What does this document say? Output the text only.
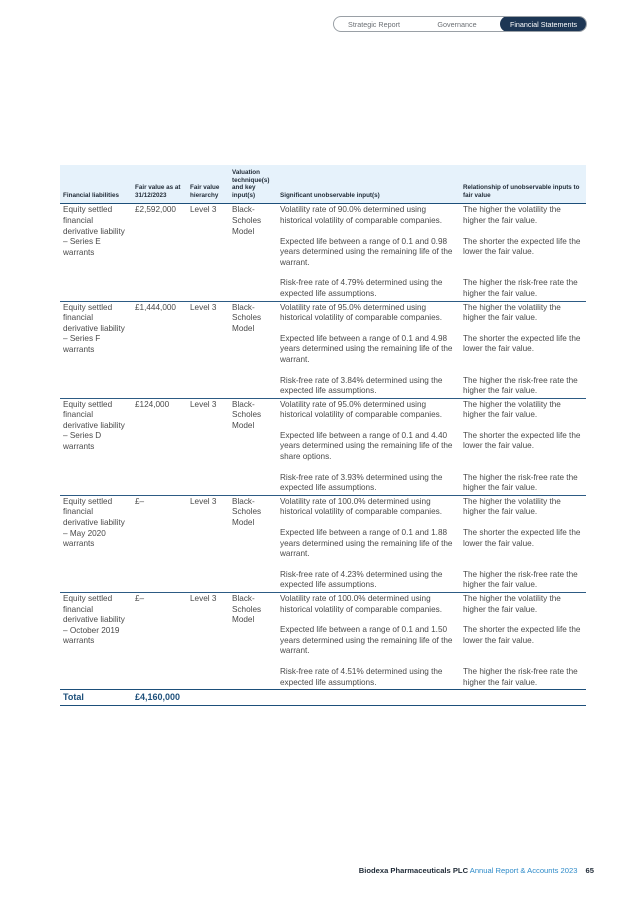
Strategic Report	Governance	Financial Statements
Financial liabilities	Fair value as at 31/12/2023	Fair value hierarchy	Valuation technique(s) and key input(s)	Significant unobservable input(s)	Relationship of unobservable inputs to fair value
Equity settled financial derivative liability – Series E warrants	£2,592,000	Level 3	Black-Scholes Model	Volatility rate of 90.0% determined using historical volatility of comparable companies.	The higher the volatility the higher the fair value.
				Expected life between a range of 0.1 and 0.98 years determined using the remaining life of the warrant.	The shorter the expected life the lower the fair value.
				Risk-free rate of 4.79% determined using the expected life assumptions.	The higher the risk-free rate the higher the fair value.
Equity settled financial derivative liability – Series F warrants	£1,444,000	Level 3	Black-Scholes Model	Volatility rate of 95.0% determined using historical volatility of comparable companies.	The higher the volatility the higher the fair value.
				Expected life between a range of 0.1 and 4.98 years determined using the remaining life of the warrant.	The shorter the expected life the lower the fair value.
				Risk-free rate of 3.84% determined using the expected life assumptions.	The higher the risk-free rate the higher the fair value.
Equity settled financial derivative liability – Series D warrants	£124,000	Level 3	Black-Scholes Model	Volatility rate of 95.0% determined using historical volatility of comparable companies.	The higher the volatility the higher the fair value.
				Expected life between a range of 0.1 and 4.40 years determined using the remaining life of the share options.	The shorter the expected life the lower the fair value.
				Risk-free rate of 3.93% determined using the expected life assumptions.	The higher the risk-free rate the higher the fair value.
Equity settled financial derivative liability – May 2020 warrants	£–	Level 3	Black-Scholes Model	Volatility rate of 100.0% determined using historical volatility of comparable companies.	The higher the volatility the higher the fair value.
				Expected life between a range of 0.1 and 1.88 years determined using the remaining life of the warrant.	The shorter the expected life the lower the fair value.
				Risk-free rate of 4.23% determined using the expected life assumptions.	The higher the risk-free rate the higher the fair value.
Equity settled financial derivative liability – October 2019 warrants	£–	Level 3	Black-Scholes Model	Volatility rate of 100.0% determined using historical volatility of comparable companies.	The higher the volatility the higher the fair value.
				Expected life between a range of 0.1 and 1.50 years determined using the remaining life of the warrant.	The shorter the expected life the lower the fair value.
				Risk-free rate of 4.51% determined using the expected life assumptions.	The higher the risk-free rate the higher the fair value.
Total	£4,160,000				
Biodexa Pharmaceuticals PLC Annual Report & Accounts 2023 65
